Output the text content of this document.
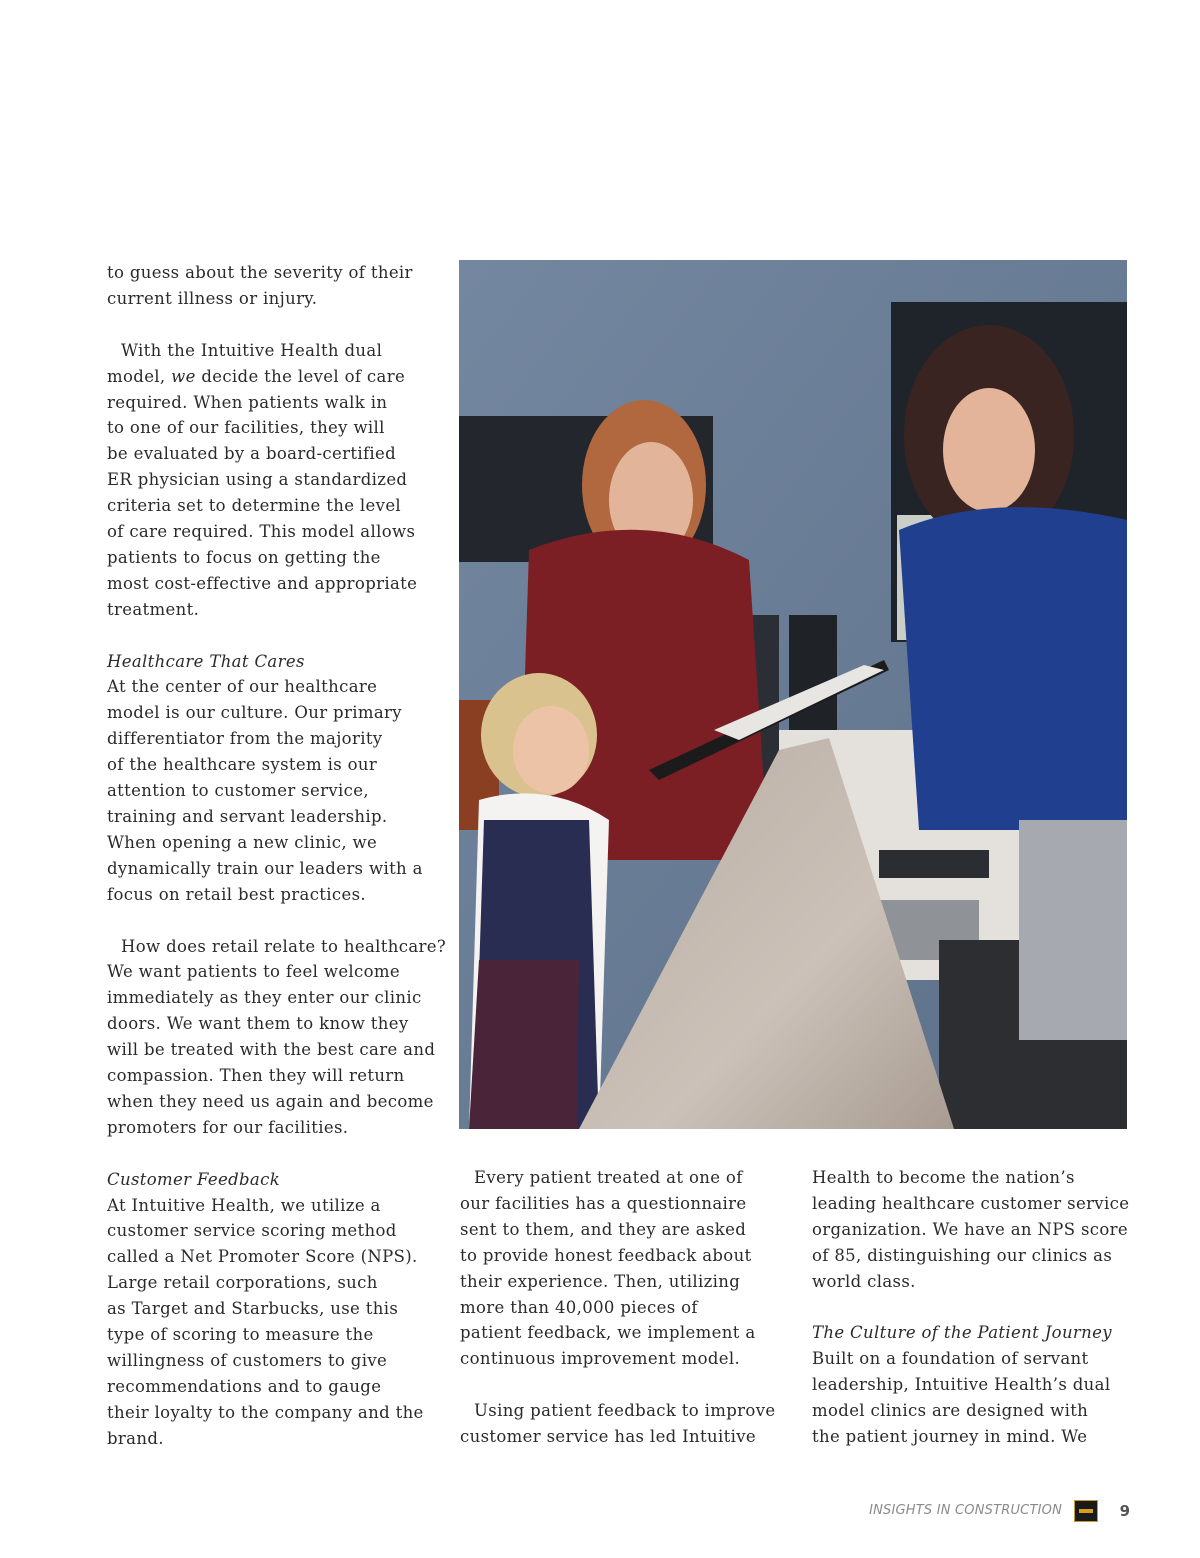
to guess about the severity of their
current illness or injury.

With the Intuitive Health dual
model, we decide the level of care
required. When patients walk in
to one of our facilities, they will
be evaluated by a board-certified
ER physician using a standardized
criteria set to determine the level
of care required. This model allows
patients to focus on getting the
most cost-effective and appropriate
treatment.

Healthcare That Cares
At the center of our healthcare
model is our culture. Our primary
differentiator from the majority
of the healthcare system is our
attention to customer service,
training and servant leadership.
When opening a new clinic, we
dynamically train our leaders with a
focus on retail best practices.

How does retail relate to healthcare?
We want patients to feel welcome
immediately as they enter our clinic
doors. We want them to know they
will be treated with the best care and
compassion. Then they will return
when they need us again and become
promoters for our facilities.

Customer Feedback
At Intuitive Health, we utilize a
customer service scoring method
called a Net Promoter Score (NPS).
Large retail corporations, such
as Target and Starbucks, use this
type of scoring to measure the
willingness of customers to give
recommendations and to gauge
their loyalty to the company and the
brand.

Every patient treated at one of
our facilities has a questionnaire
sent to them, and they are asked
to provide honest feedback about
their experience. Then, utilizing
more than 40,000 pieces of
patient feedback, we implement a
continuous improvement model.

Using patient feedback to improve
customer service has led Intuitive

Health to become the nation’s
leading healthcare customer service
organization. We have an NPS score
of 85, distinguishing our clinics as
world class.

The Culture of the Patient Journey
Built on a foundation of servant
leadership, Intuitive Health’s dual
model clinics are designed with
the patient journey in mind. We

INSIGHTS IN CONSTRUCTION	9
